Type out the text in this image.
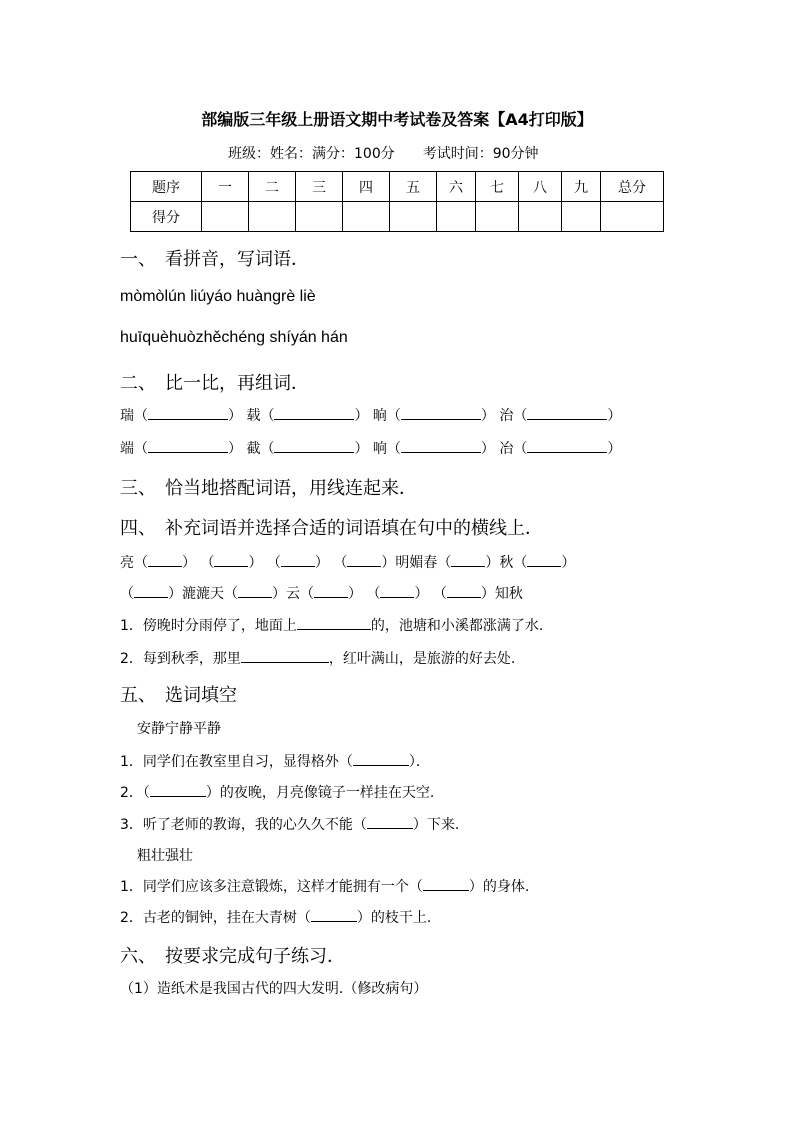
部编版三年级上册语文期中考试卷及答案【A4打印版】
班级：姓名：满分：100分　　考试时间：90分钟
题序	一	二	三	四	五	六	七	八	九	总分
得分										
一、　看拼音，写词语．
mòmòlún liúyáo huàngrè liè
huīquèhuòzhěchéng shíyán hán
二、　比一比，再组词．
瑞（	） 载（	） 晌（	） 治（	）
端（	） 截（	） 响（	） 冶（	）
三、　恰当地搭配词语，用线连起来．
四、　补充词语并选择合适的词语填在句中的横线上．
亮（ ） （ ） （ ） （ ）明媚春（ ）秋（ ）
（ ）漉漉天（ ）云（ ） （ ） （ ）知秋
1．傍晚时分雨停了，地面上	的，池塘和小溪都涨满了水.
2．每到秋季，那里	，红叶满山，是旅游的好去处.
五、　选词填空
安静宁静平静
1．同学们在教室里自习，显得格外（	）．
2．（	）的夜晚，月亮像镜子一样挂在天空.
3．听了老师的教诲，我的心久久不能（	）下来.
粗壮强壮
1．同学们应该多注意锻炼，这样才能拥有一个（	）的身体.
2．古老的铜钟，挂在大青树（	）的枝干上.
六、　按要求完成句子练习．
（1）造纸术是我国古代的四大发明.（修改病句）
